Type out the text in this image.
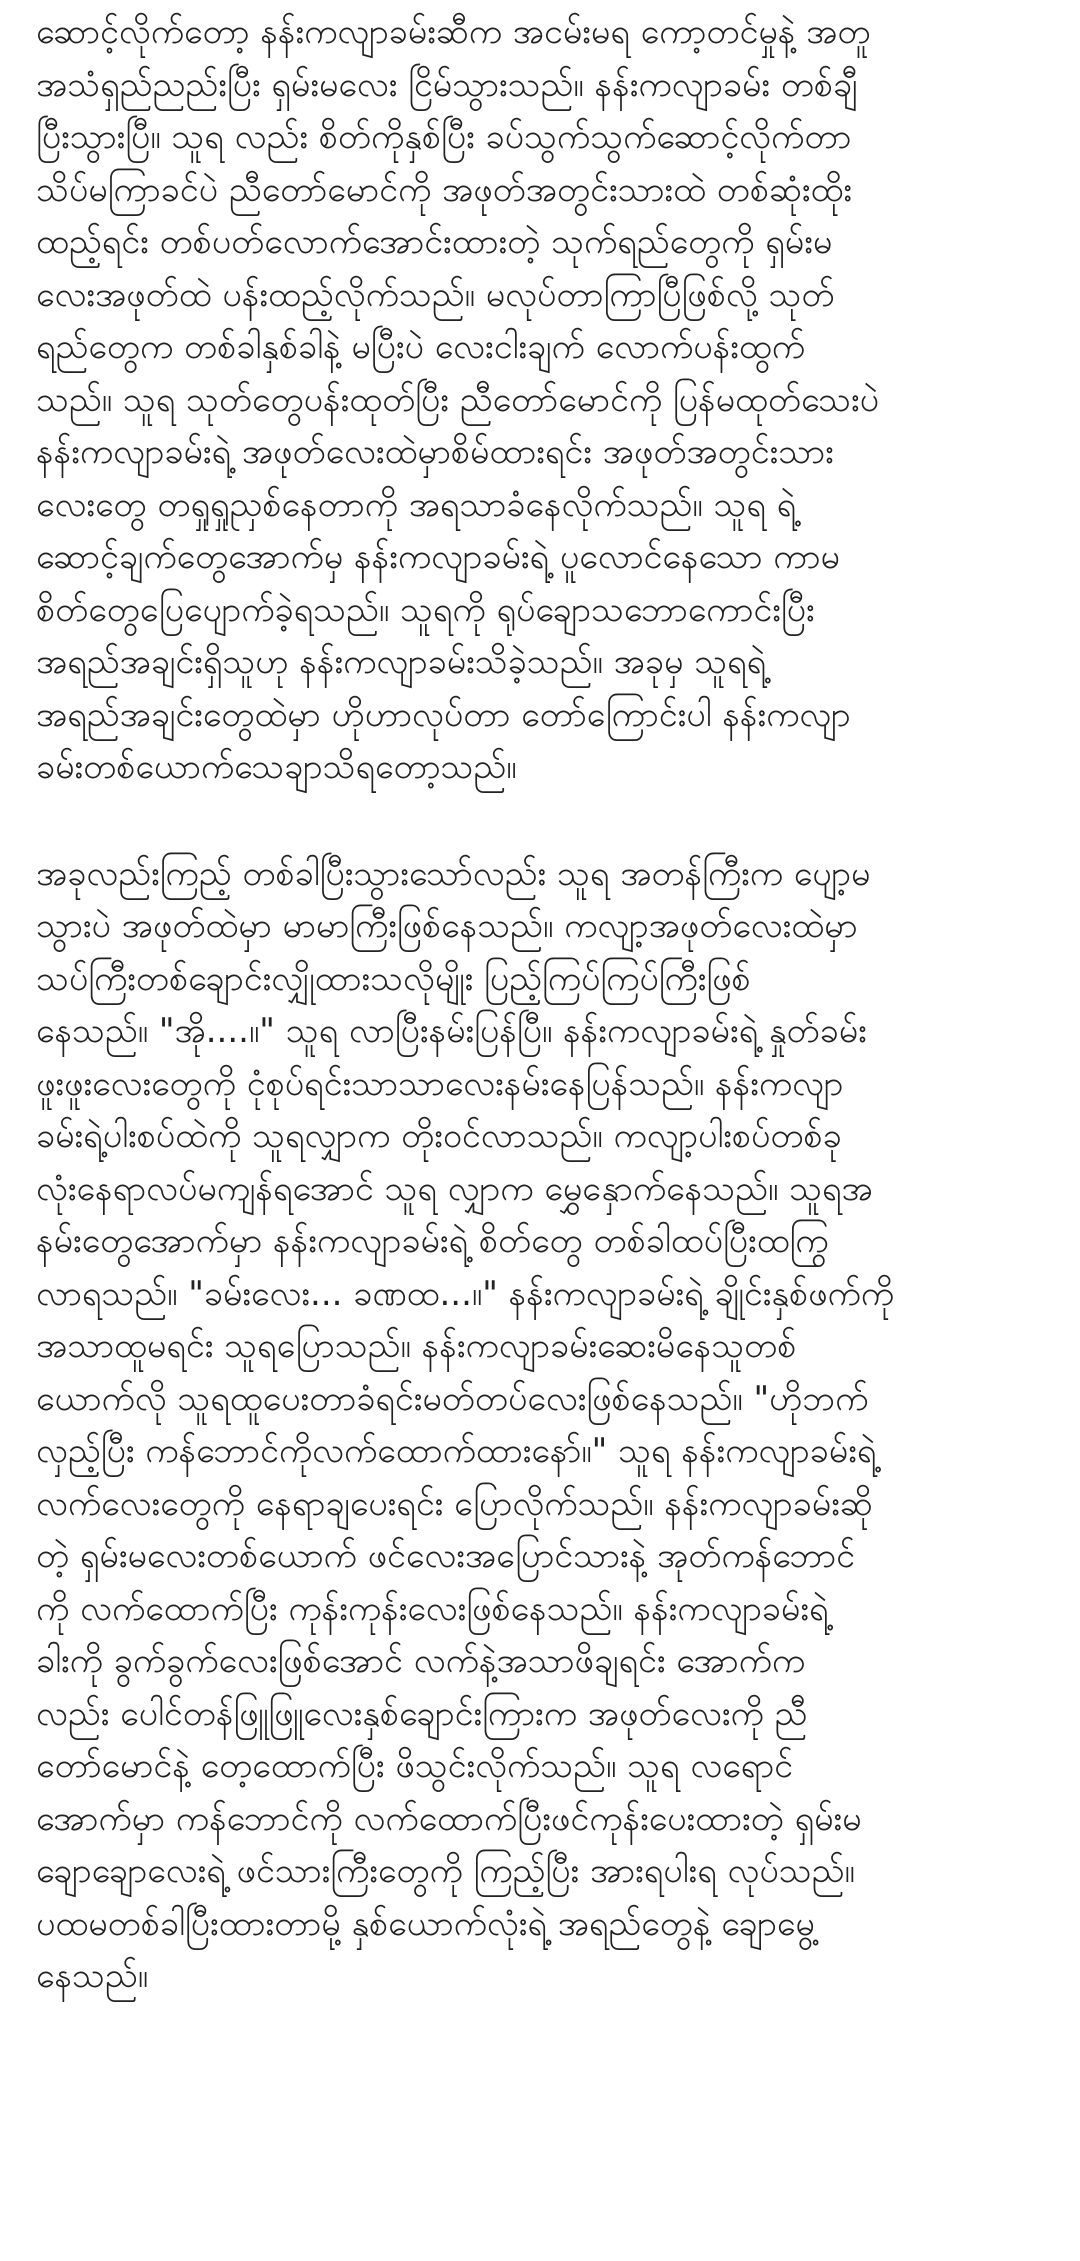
ဆောင့်လိုက်တော့ နန်းကလျာခမ်းဆီက အငမ်းမရ ကော့တင်မှုနဲ့ အတူ
အသံရှည်ညည်းပြီး ရှမ်းမလေး ငြိမ်သွားသည်။ နန်းကလျာခမ်း တစ်ချီ
ပြီးသွားပြီ။ သူရ လည်း စိတ်ကိုနှစ်ပြီး ခပ်သွက်သွက်ဆောင့်လိုက်တာ
သိပ်မကြာခင်ပဲ ညီတော်မောင်ကို အဖုတ်အတွင်းသားထဲ တစ်ဆုံးထိုး
ထည့်ရင်း တစ်ပတ်လောက်အောင်းထားတဲ့ သုက်ရည်တွေကို ရှမ်းမ
လေးအဖုတ်ထဲ ပန်းထည့်လိုက်သည်။ မလုပ်တာကြာပြီဖြစ်လို့ သုတ်
ရည်တွေက တစ်ခါနှစ်ခါနဲ့ မပြီးပဲ လေးငါးချက် လောက်ပန်းထွက်
သည်။ သူရ သုတ်တွေပန်းထုတ်ပြီး ညီတော်မောင်ကို ပြန်မထုတ်သေးပဲ
နန်းကလျာခမ်းရဲ့ အဖုတ်လေးထဲမှာစိမ်ထားရင်း အဖုတ်အတွင်းသား
လေးတွေ တရှုရှုညှစ်နေတာကို အရသာခံနေလိုက်သည်။ သူရ ရဲ့
ဆောင့်ချက်တွေအောက်မှ နန်းကလျာခမ်းရဲ့ ပူလောင်နေသော ကာမ
စိတ်တွေပြေပျောက်ခဲ့ရသည်။ သူရကို ရုပ်ချောသဘောကောင်းပြီး
အရည်အချင်းရှိသူဟု နန်းကလျာခမ်းသိခဲ့သည်။ အခုမှ သူရရဲ့
အရည်အချင်းတွေထဲမှာ ဟိုဟာလုပ်တာ တော်ကြောင်းပါ နန်းကလျာ
ခမ်းတစ်ယောက်သေချာသိရတော့သည်။

အခုလည်းကြည့် တစ်ခါပြီးသွားသော်လည်း သူရ အတန်ကြီးက ပျော့မ
သွားပဲ အဖုတ်ထဲမှာ မာမာကြီးဖြစ်နေသည်။ ကလျာ့အဖုတ်လေးထဲမှာ
သပ်ကြီးတစ်ချောင်းလျှိုထားသလိုမျိုး ပြည့်ကြပ်ကြပ်ကြီးဖြစ်
နေသည်။ "အို....။" သူရ လာပြီးနမ်းပြန်ပြီ။ နန်းကလျာခမ်းရဲ့ နှုတ်ခမ်း
ဖူးဖူးလေးတွေကို ငုံစုပ်ရင်းသာသာလေးနမ်းနေပြန်သည်။ နန်းကလျာ
ခမ်းရဲ့ပါးစပ်ထဲကို သူရလျှာက တိုးဝင်လာသည်။ ကလျာ့ပါးစပ်တစ်ခု
လုံးနေရာလပ်မကျန်ရအောင် သူရ လျှာက မွှေနှောက်နေသည်။ သူရအ
နမ်းတွေအောက်မှာ နန်းကလျာခမ်းရဲ့ စိတ်တွေ တစ်ခါထပ်ပြီးထကြွ
လာရသည်။ "ခမ်းလေး... ခဏထ...။" နန်းကလျာခမ်းရဲ့ ချိုင်းနှစ်ဖက်ကို
အသာထူမရင်း သူရပြောသည်။ နန်းကလျာခမ်းဆေးမိနေသူတစ်
ယောက်လို သူရထူပေးတာခံရင်းမတ်တပ်လေးဖြစ်နေသည်။ "ဟိုဘက်
လှည့်ပြီး ကန်ဘောင်ကိုလက်ထောက်ထားနော်။" သူရ နန်းကလျာခမ်းရဲ့
လက်လေးတွေကို နေရာချပေးရင်း ပြောလိုက်သည်။ နန်းကလျာခမ်းဆို
တဲ့ ရှမ်းမလေးတစ်ယောက် ဖင်လေးအပြောင်သားနဲ့ အုတ်ကန်ဘောင်
ကို လက်ထောက်ပြီး ကုန်းကုန်းလေးဖြစ်နေသည်။ နန်းကလျာခမ်းရဲ့
ခါးကို ခွက်ခွက်လေးဖြစ်အောင် လက်နဲ့အသာဖိချရင်း အောက်က
လည်း ပေါင်တန်ဖြူဖြူလေးနှစ်ချောင်းကြားက အဖုတ်လေးကို ညီ
တော်မောင်နဲ့ တေ့ထောက်ပြီး ဖိသွင်းလိုက်သည်။ သူရ လရောင်
အောက်မှာ ကန်ဘောင်ကို လက်ထောက်ပြီးဖင်ကုန်းပေးထားတဲ့ ရှမ်းမ
ချောချောလေးရဲ့ ဖင်သားကြီးတွေကို ကြည့်ပြီး အားရပါးရ လုပ်သည်။
ပထမတစ်ခါပြီးထားတာမို့ နှစ်ယောက်လုံးရဲ့ အရည်တွေနဲ့ ချောမွေ့
နေသည်။
